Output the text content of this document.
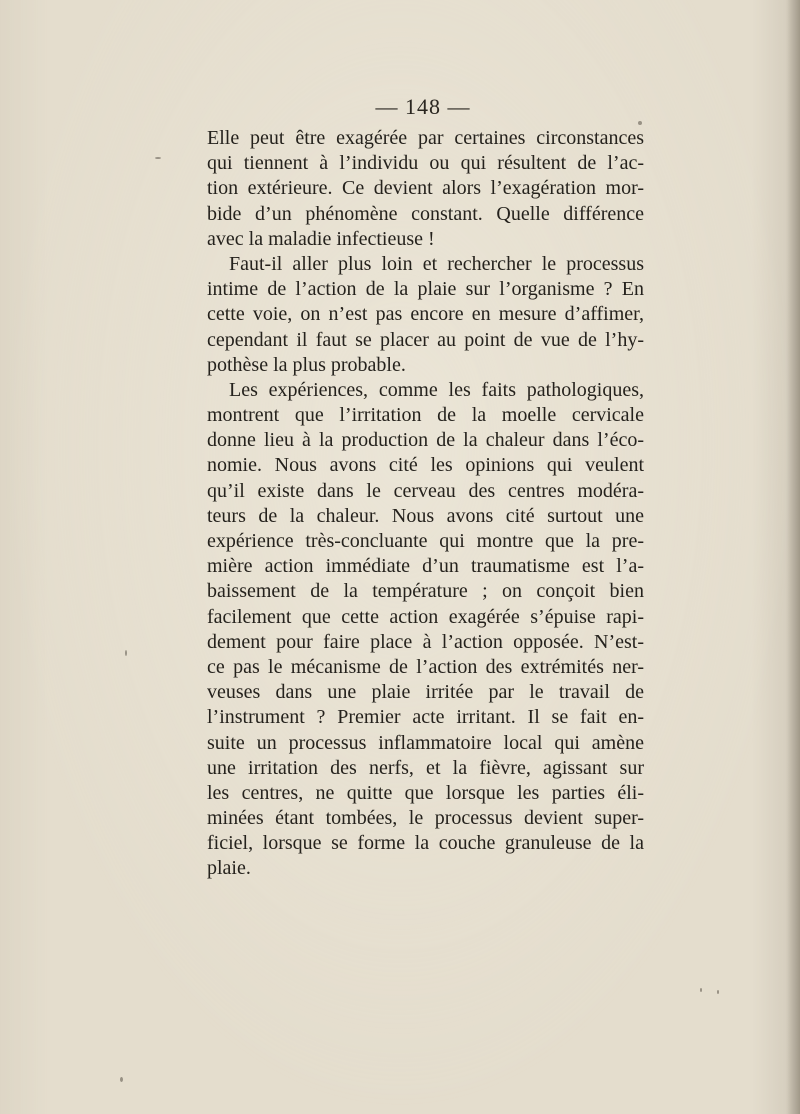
— 148 —
Elle peut être exagérée par certaines circonstances
qui tiennent à l’individu ou qui résultent de l’ac-
tion extérieure. Ce devient alors l’exagération mor-
bide d’un phénomène constant. Quelle différence
avec la maladie infectieuse !
Faut-il aller plus loin et rechercher le processus
intime de l’action de la plaie sur l’organisme ? En
cette voie, on n’est pas encore en mesure d’affimer,
cependant il faut se placer au point de vue de l’hy-
pothèse la plus probable.
Les expériences, comme les faits pathologiques,
montrent que l’irritation de la moelle cervicale
donne lieu à la production de la chaleur dans l’éco-
nomie. Nous avons cité les opinions qui veulent
qu’il existe dans le cerveau des centres modéra-
teurs de la chaleur. Nous avons cité surtout une
expérience très-concluante qui montre que la pre-
mière action immédiate d’un traumatisme est l’a-
baissement de la température ; on conçoit bien
facilement que cette action exagérée s’épuise rapi-
dement pour faire place à l’action opposée. N’est-
ce pas le mécanisme de l’action des extrémités ner-
veuses dans une plaie irritée par le travail de
l’instrument ? Premier acte irritant. Il se fait en-
suite un processus inflammatoire local qui amène
une irritation des nerfs, et la fièvre, agissant sur
les centres, ne quitte que lorsque les parties éli-
minées étant tombées, le processus devient super-
ficiel, lorsque se forme la couche granuleuse de la
plaie.
